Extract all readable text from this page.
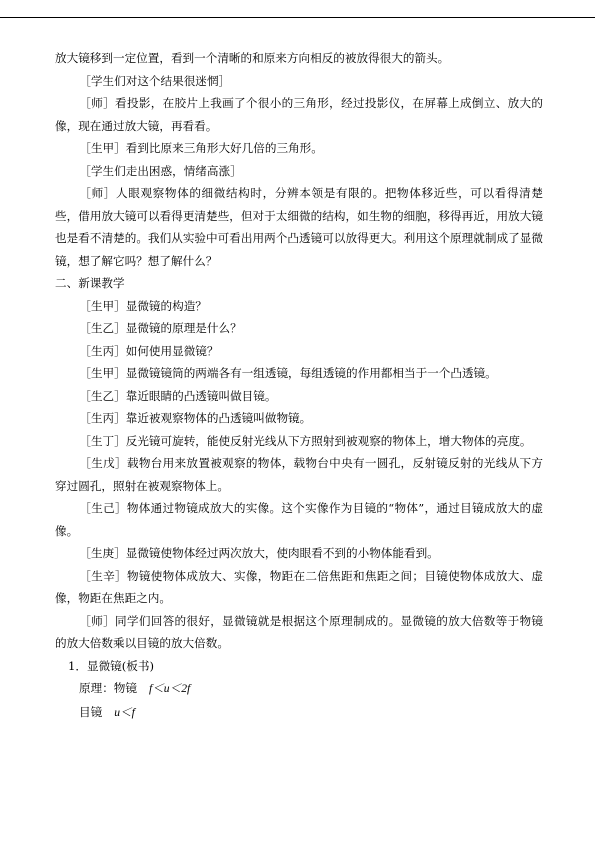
放大镜移到一定位置，看到一个清晰的和原来方向相反的被放得很大的箭头。

［学生们对这个结果很迷惘］

［师］看投影，在胶片上我画了个很小的三角形，经过投影仪，在屏幕上成倒立、放大的像，现在通过放大镜，再看看。

［生甲］看到比原来三角形大好几倍的三角形。

［学生们走出困惑，情绪高涨］

［师］人眼观察物体的细微结构时，分辨本领是有限的。把物体移近些，可以看得清楚些，借用放大镜可以看得更清楚些，但对于太细微的结构，如生物的细胞，移得再近，用放大镜也是看不清楚的。我们从实验中可看出用两个凸透镜可以放得更大。利用这个原理就制成了显微镜，想了解它吗？想了解什么？

二、新课教学

［生甲］显微镜的构造？

［生乙］显微镜的原理是什么？

［生丙］如何使用显微镜？

［生甲］显微镜镜筒的两端各有一组透镜，每组透镜的作用都相当于一个凸透镜。

［生乙］靠近眼睛的凸透镜叫做目镜。

［生丙］靠近被观察物体的凸透镜叫做物镜。

［生丁］反光镜可旋转，能使反射光线从下方照射到被观察的物体上，增大物体的亮度。

［生戊］载物台用来放置被观察的物体，载物台中央有一圆孔，反射镜反射的光线从下方穿过圆孔，照射在被观察物体上。

［生己］物体通过物镜成放大的实像。这个实像作为目镜的“物体”，通过目镜成放大的虚像。

［生庚］显微镜使物体经过两次放大，使肉眼看不到的小物体能看到。

［生辛］物镜使物体成放大、实像，物距在二倍焦距和焦距之间；目镜使物体成放大、虚像，物距在焦距之内。

［师］同学们回答的很好，显微镜就是根据这个原理制成的。显微镜的放大倍数等于物镜的放大倍数乘以目镜的放大倍数。

1．显微镜(板书)

原理：物镜 f＜u＜2f

目镜 u＜f
